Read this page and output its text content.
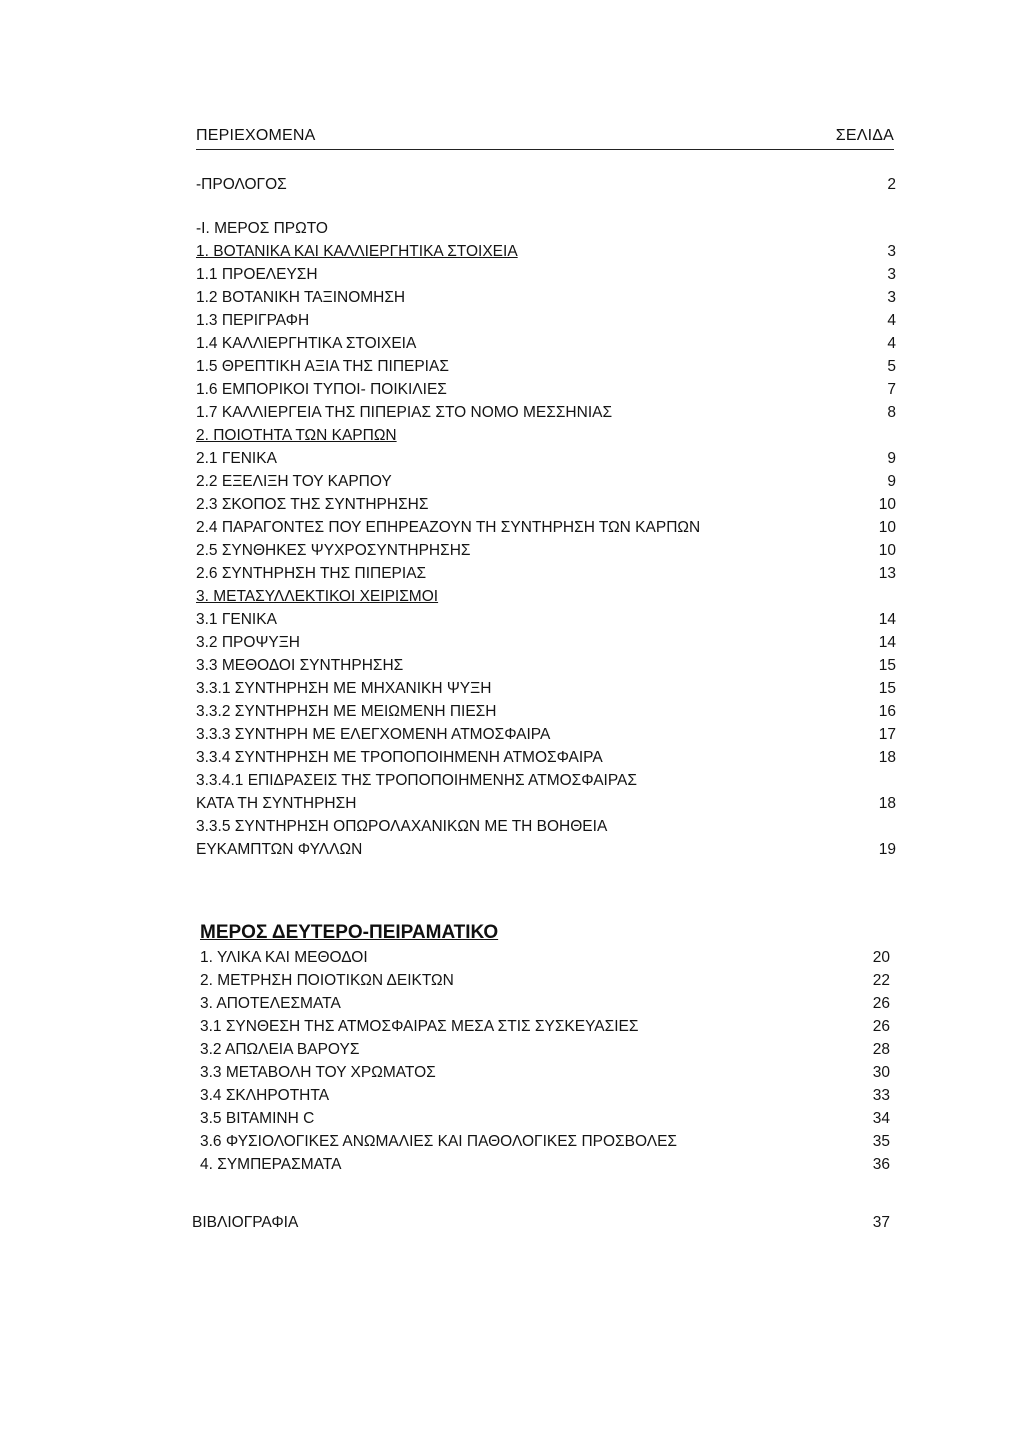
ΠΕΡΙΕΧΟΜΕΝΑ	ΣΕΛΙΔΑ
-ΠΡΟΛΟΓΟΣ	2
-Ι. ΜΕΡΟΣ ΠΡΩΤΟ
1. ΒΟΤΑΝΙΚΑ ΚΑΙ ΚΑΛΛΙΕΡΓΗΤΙΚΑ ΣΤΟΙΧΕΙΑ	3
1.1 ΠΡΟΕΛΕΥΣΗ	3
1.2 ΒΟΤΑΝΙΚΗ ΤΑΞΙΝΟΜΗΣΗ	3
1.3 ΠΕΡΙΓΡΑΦΗ	4
1.4 ΚΑΛΛΙΕΡΓΗΤΙΚΑ ΣΤΟΙΧΕΙΑ	4
1.5 ΘΡΕΠΤΙΚΗ ΑΞΙΑ ΤΗΣ ΠΙΠΕΡΙΑΣ	5
1.6 ΕΜΠΟΡΙΚΟΙ ΤΥΠΟΙ- ΠΟΙΚΙΛΙΕΣ	7
1.7 ΚΑΛΛΙΕΡΓΕΙΑ ΤΗΣ ΠΙΠΕΡΙΑΣ ΣΤΟ ΝΟΜΟ ΜΕΣΣΗΝΙΑΣ	8
2. ΠΟΙΟΤΗΤΑ ΤΩΝ ΚΑΡΠΩΝ
2.1 ΓΕΝΙΚΑ	9
2.2 ΕΞΕΛΙΞΗ ΤΟΥ ΚΑΡΠΟΥ	9
2.3 ΣΚΟΠΟΣ ΤΗΣ ΣΥΝΤΗΡΗΣΗΣ	10
2.4 ΠΑΡΑΓΟΝΤΕΣ ΠΟΥ ΕΠΗΡΕΑΖΟΥΝ ΤΗ ΣΥΝΤΗΡΗΣΗ ΤΩΝ ΚΑΡΠΩΝ	10
2.5 ΣΥΝΘΗΚΕΣ ΨΥΧΡΟΣΥΝΤΗΡΗΣΗΣ	10
2.6 ΣΥΝΤΗΡΗΣΗ ΤΗΣ ΠΙΠΕΡΙΑΣ	13
3. ΜΕΤΑΣΥΛΛΕΚΤΙΚΟΙ ΧΕΙΡΙΣΜΟΙ
3.1 ΓΕΝΙΚΑ	14
3.2 ΠΡΟΨΥΞΗ	14
3.3 ΜΕΘΟΔΟΙ ΣΥΝΤΗΡΗΣΗΣ	15
3.3.1 ΣΥΝΤΗΡΗΣΗ ΜΕ ΜΗΧΑΝΙΚΗ ΨΥΞΗ	15
3.3.2 ΣΥΝΤΗΡΗΣΗ ΜΕ ΜΕΙΩΜΕΝΗ ΠΙΕΣΗ	16
3.3.3 ΣΥΝΤΗΡΗ ΜΕ ΕΛΕΓΧΟΜΕΝΗ ΑΤΜΟΣΦΑΙΡΑ	17
3.3.4 ΣΥΝΤΗΡΗΣΗ ΜΕ ΤΡΟΠΟΠΟΙΗΜΕΝΗ ΑΤΜΟΣΦΑΙΡΑ	18
3.3.4.1 ΕΠΙΔΡΑΣΕΙΣ ΤΗΣ ΤΡΟΠΟΠΟΙΗΜΕΝΗΣ ΑΤΜΟΣΦΑΙΡΑΣ
ΚΑΤΑ ΤΗ ΣΥΝΤΗΡΗΣΗ	18
3.3.5 ΣΥΝΤΗΡΗΣΗ ΟΠΩΡΟΛΑΧΑΝΙΚΩΝ ΜΕ ΤΗ ΒΟΗΘΕΙΑ
ΕΥΚΑΜΠΤΩΝ ΦΥΛΛΩΝ	19
ΜΕΡΟΣ ΔΕΥΤΕΡΟ-ΠΕΙΡΑΜΑΤΙΚΟ
1. ΥΛΙΚΑ ΚΑΙ ΜΕΘΟΔΟΙ	20
2. ΜΕΤΡΗΣΗ ΠΟΙΟΤΙΚΩΝ ΔΕΙΚΤΩΝ	22
3. ΑΠΟΤΕΛΕΣΜΑΤΑ	26
3.1 ΣΥΝΘΕΣΗ ΤΗΣ ΑΤΜΟΣΦΑΙΡΑΣ ΜΕΣΑ ΣΤΙΣ ΣΥΣΚΕΥΑΣΙΕΣ	26
3.2 ΑΠΩΛΕΙΑ ΒΑΡΟΥΣ	28
3.3 ΜΕΤΑΒΟΛΗ ΤΟΥ ΧΡΩΜΑΤΟΣ	30
3.4 ΣΚΛΗΡΟΤΗΤΑ	33
3.5 ΒΙΤΑΜΙΝΗ C	34
3.6 ΦΥΣΙΟΛΟΓΙΚΕΣ ΑΝΩΜΑΛΙΕΣ ΚΑΙ ΠΑΘΟΛΟΓΙΚΕΣ ΠΡΟΣΒΟΛΕΣ	35
4. ΣΥΜΠΕΡΑΣΜΑΤΑ	36
ΒΙΒΛΙΟΓΡΑΦΙΑ	37
